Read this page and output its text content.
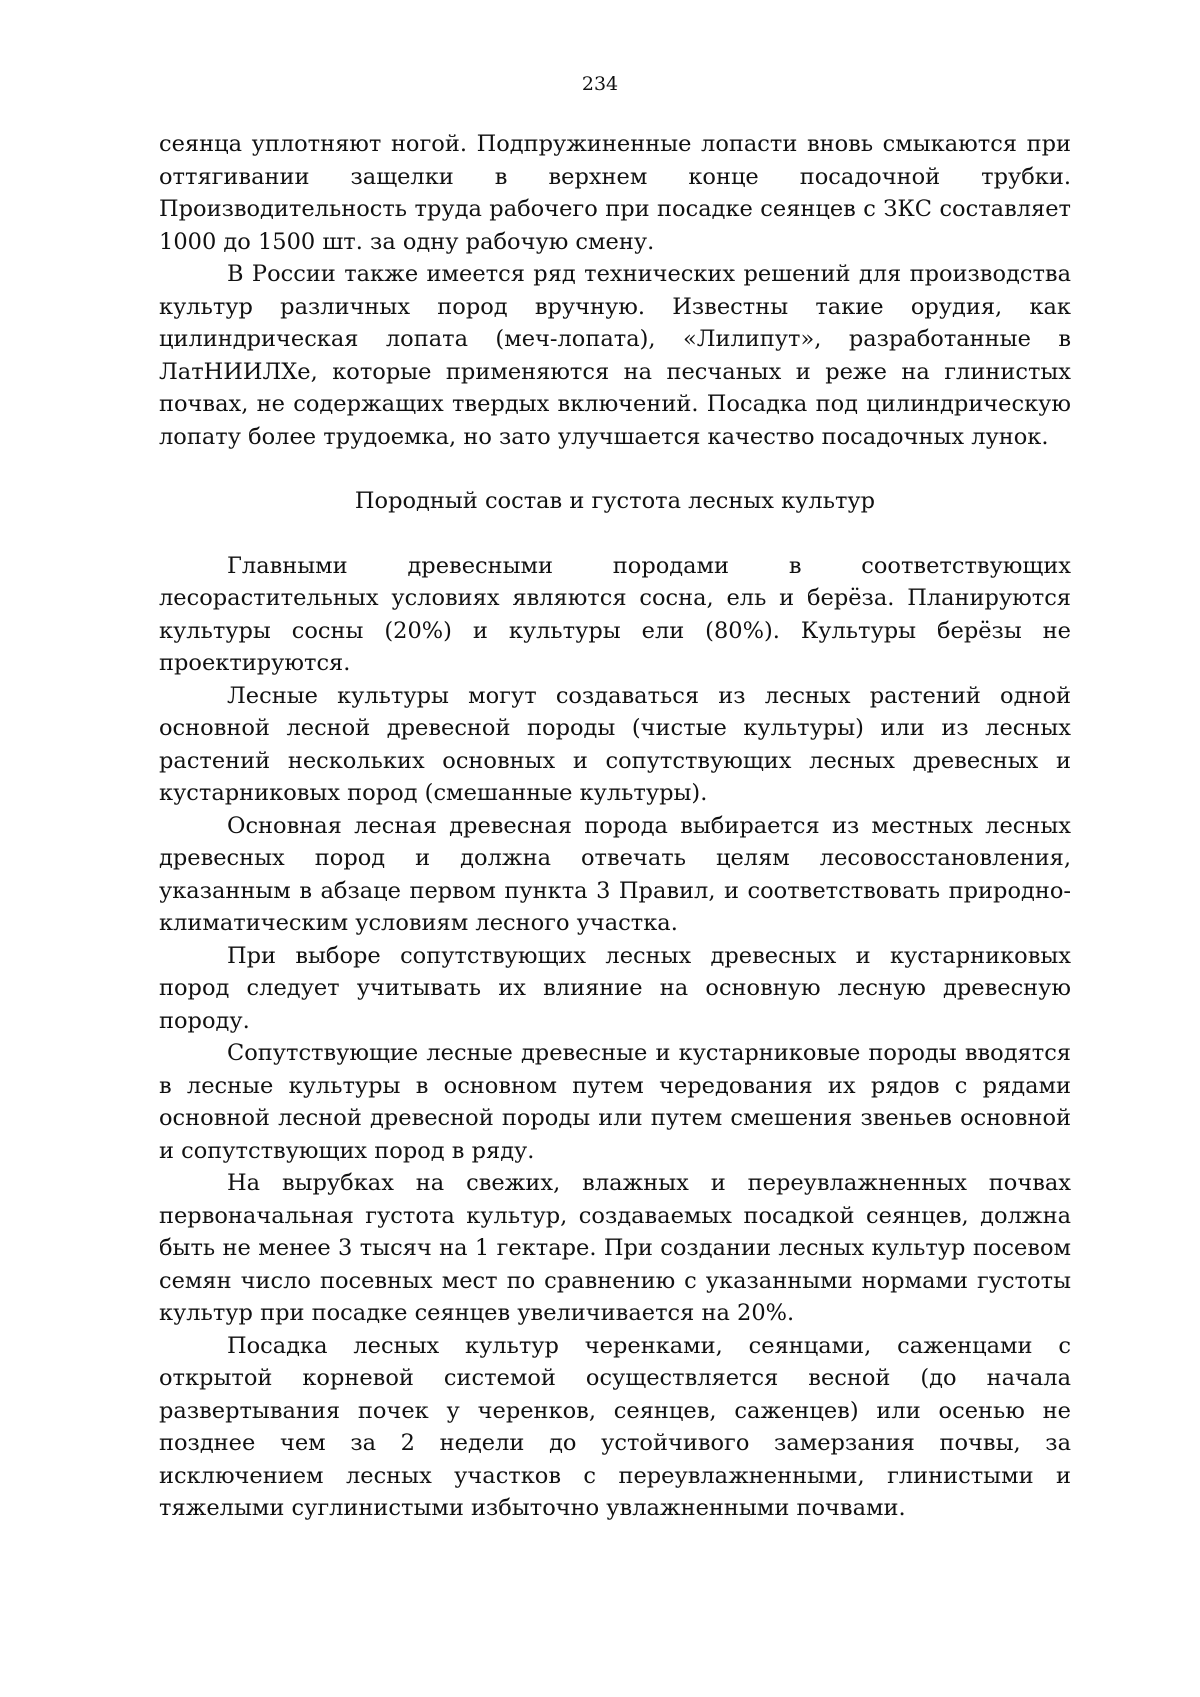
234

сеянца уплотняют ногой. Подпружиненные лопасти вновь смыкаются при оттягивании защелки в верхнем конце посадочной трубки. Производительность труда рабочего при посадке сеянцев с ЗКС составляет 1000 до 1500 шт. за одну рабочую смену.

В России также имеется ряд технических решений для производства культур различных пород вручную. Известны такие орудия, как цилиндрическая лопата (меч-лопата), «Лилипут», разработанные в ЛатНИИЛХе, которые применяются на песчаных и реже на глинистых почвах, не содержащих твердых включений. Посадка под цилиндрическую лопату более трудоемка, но зато улучшается качество посадочных лунок.

Породный состав и густота лесных культур

Главными древесными породами в соответствующих лесорастительных условиях являются сосна, ель и берёза. Планируются культуры сосны (20%) и культуры ели (80%). Культуры берёзы не проектируются.

Лесные культуры могут создаваться из лесных растений одной основной лесной древесной породы (чистые культуры) или из лесных растений нескольких основных и сопутствующих лесных древесных и кустарниковых пород (смешанные культуры).

Основная лесная древесная порода выбирается из местных лесных древесных пород и должна отвечать целям лесовосстановления, указанным в абзаце первом пункта 3 Правил, и соответствовать природно-климатическим условиям лесного участка.

При выборе сопутствующих лесных древесных и кустарниковых пород следует учитывать их влияние на основную лесную древесную породу.

Сопутствующие лесные древесные и кустарниковые породы вводятся в лесные культуры в основном путем чередования их рядов с рядами основной лесной древесной породы или путем смешения звеньев основной и сопутствующих пород в ряду.

На вырубках на свежих, влажных и переувлажненных почвах первоначальная густота культур, создаваемых посадкой сеянцев, должна быть не менее 3 тысяч на 1 гектаре. При создании лесных культур посевом семян число посевных мест по сравнению с указанными нормами густоты культур при посадке сеянцев увеличивается на 20%.

Посадка лесных культур черенками, сеянцами, саженцами с открытой корневой системой осуществляется весной (до начала развертывания почек у черенков, сеянцев, саженцев) или осенью не позднее чем за 2 недели до устойчивого замерзания почвы, за исключением лесных участков с переувлажненными, глинистыми и тяжелыми суглинистыми избыточно увлажненными почвами.
